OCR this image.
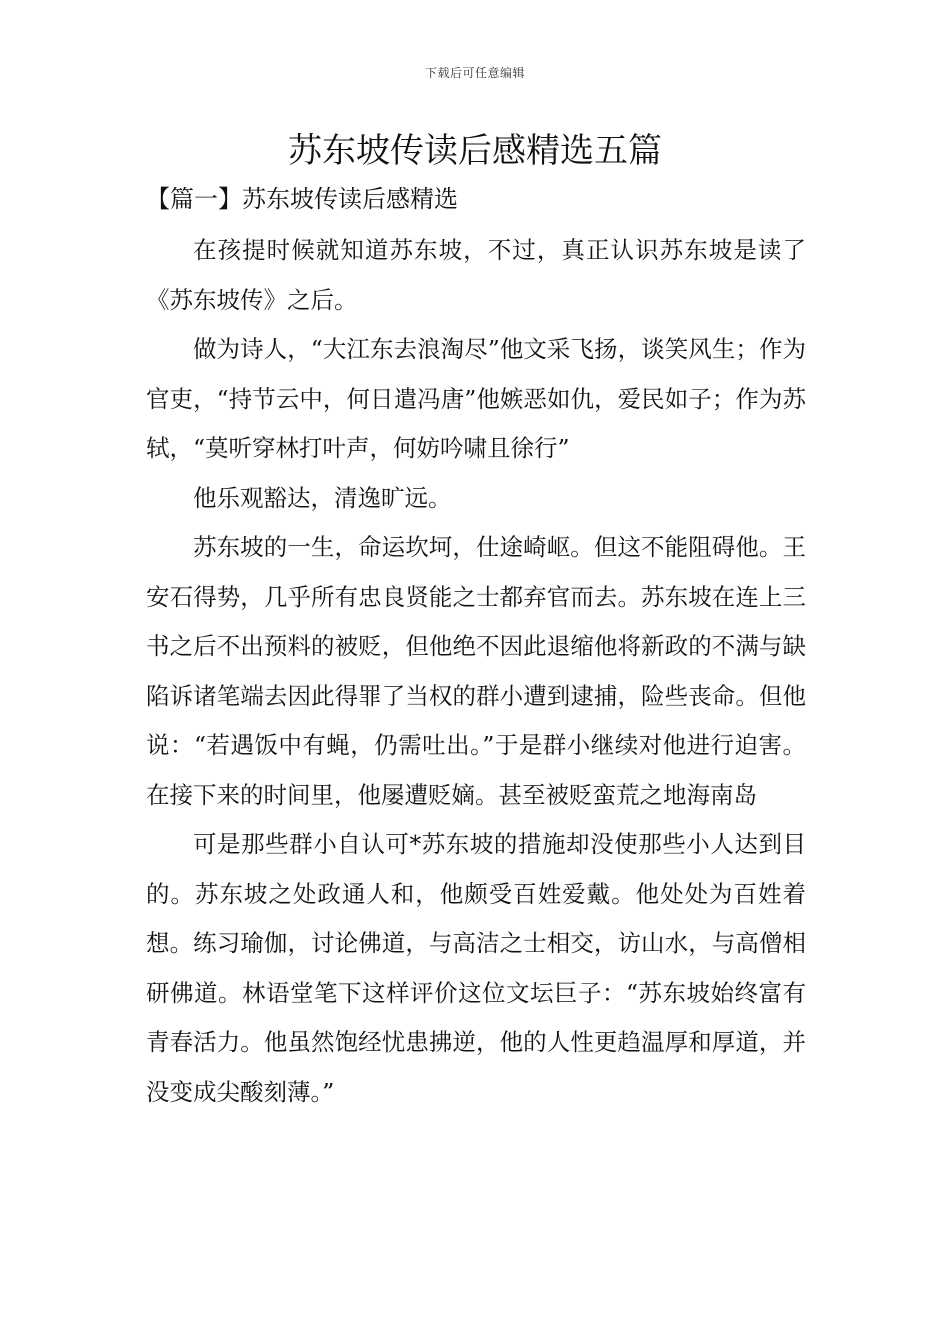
下载后可任意编辑
苏东坡传读后感精选五篇
【篇一】苏东坡传读后感精选

在孩提时候就知道苏东坡，不过，真正认识苏东坡是读了《苏东坡传》之后。

做为诗人，“大江东去浪淘尽”他文采飞扬，谈笑风生；作为官吏，“持节云中，何日遣冯唐”他嫉恶如仇，爱民如子；作为苏轼，“莫听穿林打叶声，何妨吟啸且徐行”

他乐观豁达，清逸旷远。

苏东坡的一生，命运坎坷，仕途崎岖。但这不能阻碍他。王安石得势，几乎所有忠良贤能之士都弃官而去。苏东坡在连上三书之后不出预料的被贬，但他绝不因此退缩他将新政的不满与缺陷诉诸笔端去因此得罪了当权的群小遭到逮捕，险些丧命。但他说：“若遇饭中有蝇，仍需吐出。”于是群小继续对他进行迫害。在接下来的时间里，他屡遭贬嫡。甚至被贬蛮荒之地海南岛

可是那些群小自认可*苏东坡的措施却没使那些小人达到目的。苏东坡之处政通人和，他颇受百姓爱戴。他处处为百姓着想。练习瑜伽，讨论佛道，与高洁之士相交，访山水，与高僧相研佛道。林语堂笔下这样评价这位文坛巨子：“苏东坡始终富有青春活力。他虽然饱经忧患拂逆，他的人性更趋温厚和厚道，并没变成尖酸刻薄。”
